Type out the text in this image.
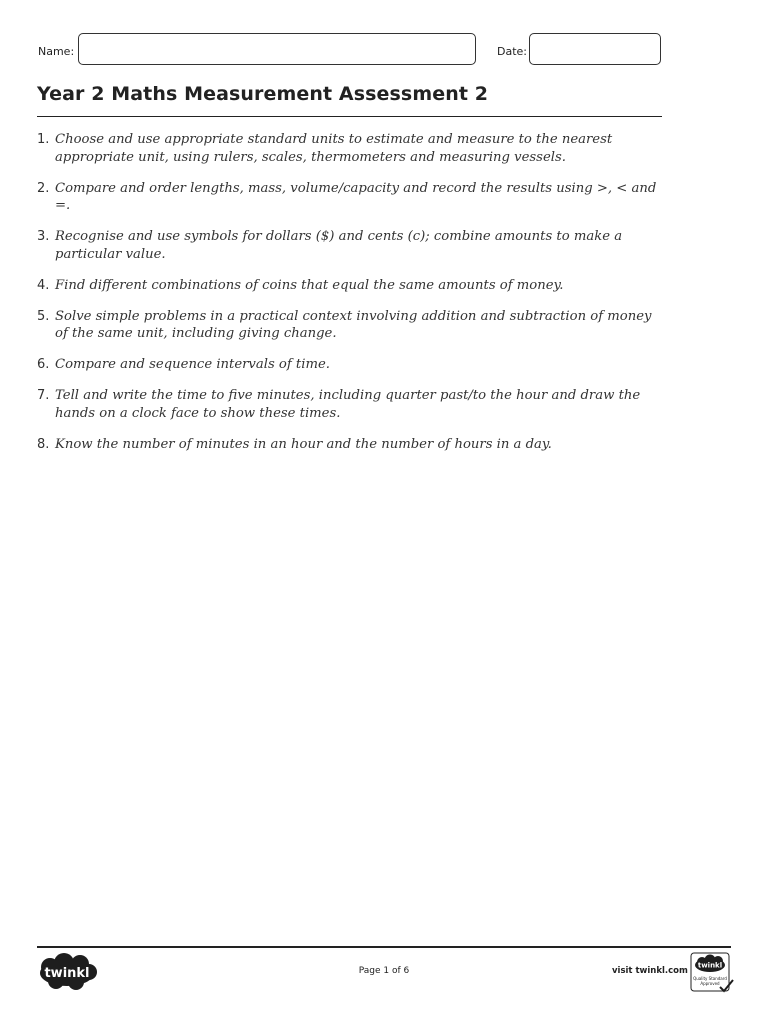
Name:	Date:
Year 2 Maths Measurement Assessment 2
1. Choose and use appropriate standard units to estimate and measure to the nearest appropriate unit, using rulers, scales, thermometers and measuring vessels.
2. Compare and order lengths, mass, volume/capacity and record the results using >, < and =.
3. Recognise and use symbols for dollars ($) and cents (c); combine amounts to make a particular value.
4. Find different combinations of coins that equal the same amounts of money.
5. Solve simple problems in a practical context involving addition and subtraction of money of the same unit, including giving change.
6. Compare and sequence intervals of time.
7. Tell and write the time to five minutes, including quarter past/to the hour and draw the hands on a clock face to show these times.
8. Know the number of minutes in an hour and the number of hours in a day.
twinkl	Page 1 of 6	visit twinkl.com
twinkl
Quality Standard
Approved
